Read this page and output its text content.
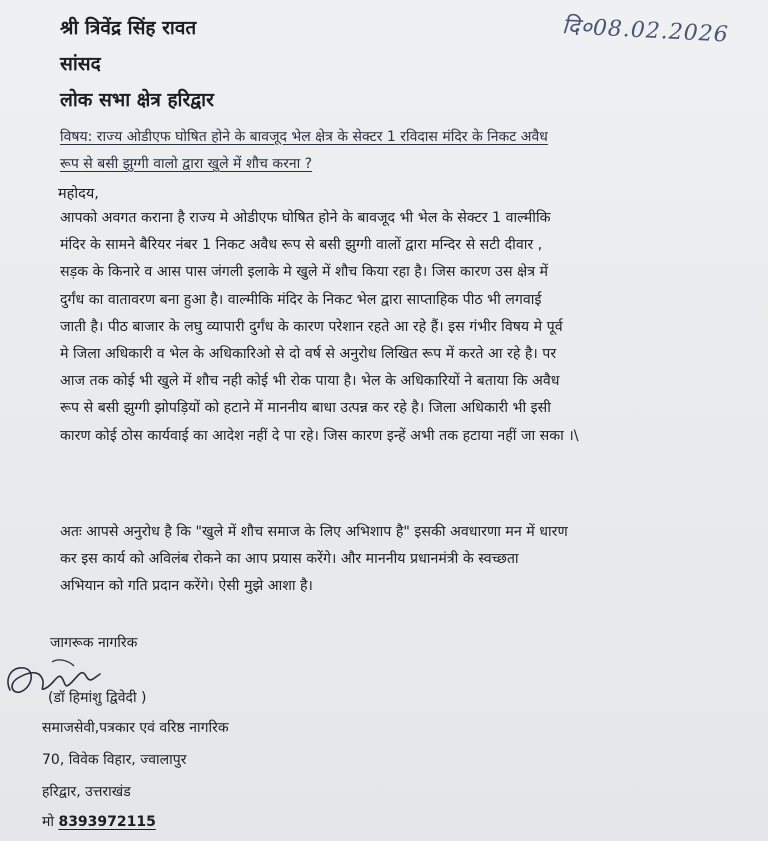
श्री त्रिवेंद्र सिंह रावत
सांसद
लोक सभा क्षेत्र हरिद्वार
दि०08.02.2026
विषय: राज्य ओडीएफ घोषित होने के बावजूद भेल क्षेत्र के सेक्टर 1 रविदास मंदिर के निकट अवैध
रूप से बसी झुग्गी वालो द्वारा खुले में शौच करना ?
महोदय,
आपको अवगत कराना है राज्य मे ओडीएफ घोषित होने के बावजूद भी भेल के सेक्टर 1 वाल्मीकि
मंदिर के सामने बैरियर नंबर 1 निकट अवैध रूप से बसी झुग्गी वालों द्वारा मन्दिर से सटी दीवार ,
सड़क के किनारे व आस पास जंगली इलाके मे खुले में शौच किया रहा है। जिस कारण उस क्षेत्र में
दुर्गंध का वातावरण बना हुआ है। वाल्मीकि मंदिर के निकट भेल द्वारा साप्ताहिक पीठ भी लगवाई
जाती है। पीठ बाजार के लघु व्यापारी दुर्गंध के कारण परेशान रहते आ रहे हैं। इस गंभीर विषय मे पूर्व
मे जिला अधिकारी व भेल के अधिकारिओ से दो वर्ष से अनुरोध लिखित रूप में करते आ रहे है। पर
आज तक कोई भी खुले में शौच नही कोई भी रोक पाया है। भेल के अधिकारियों ने बताया कि अवैध
रूप से बसी झुग्गी झोपड़ियों को हटाने में माननीय बाधा उत्पन्न कर रहे है। जिला अधिकारी भी इसी
कारण कोई ठोस कार्यवाई का आदेश नहीं दे पा रहे। जिस कारण इन्हें अभी तक हटाया नहीं जा सका ।\
अतः आपसे अनुरोध है कि "खुले में शौच समाज के लिए अभिशाप है" इसकी अवधारणा मन में धारण
कर इस कार्य को अविलंब रोकने का आप प्रयास करेंगे। और माननीय प्रधानमंत्री के स्वच्छता
अभियान को गति प्रदान करेंगे। ऐसी मुझे आशा है।
जागरूक नागरिक
(डॉ हिमांशु द्विवेदी )
समाजसेवी,पत्रकार एवं वरिष्ठ नागरिक
70, विवेक विहार, ज्वालापुर
हरिद्वार, उत्तराखंड
मो 8393972115
